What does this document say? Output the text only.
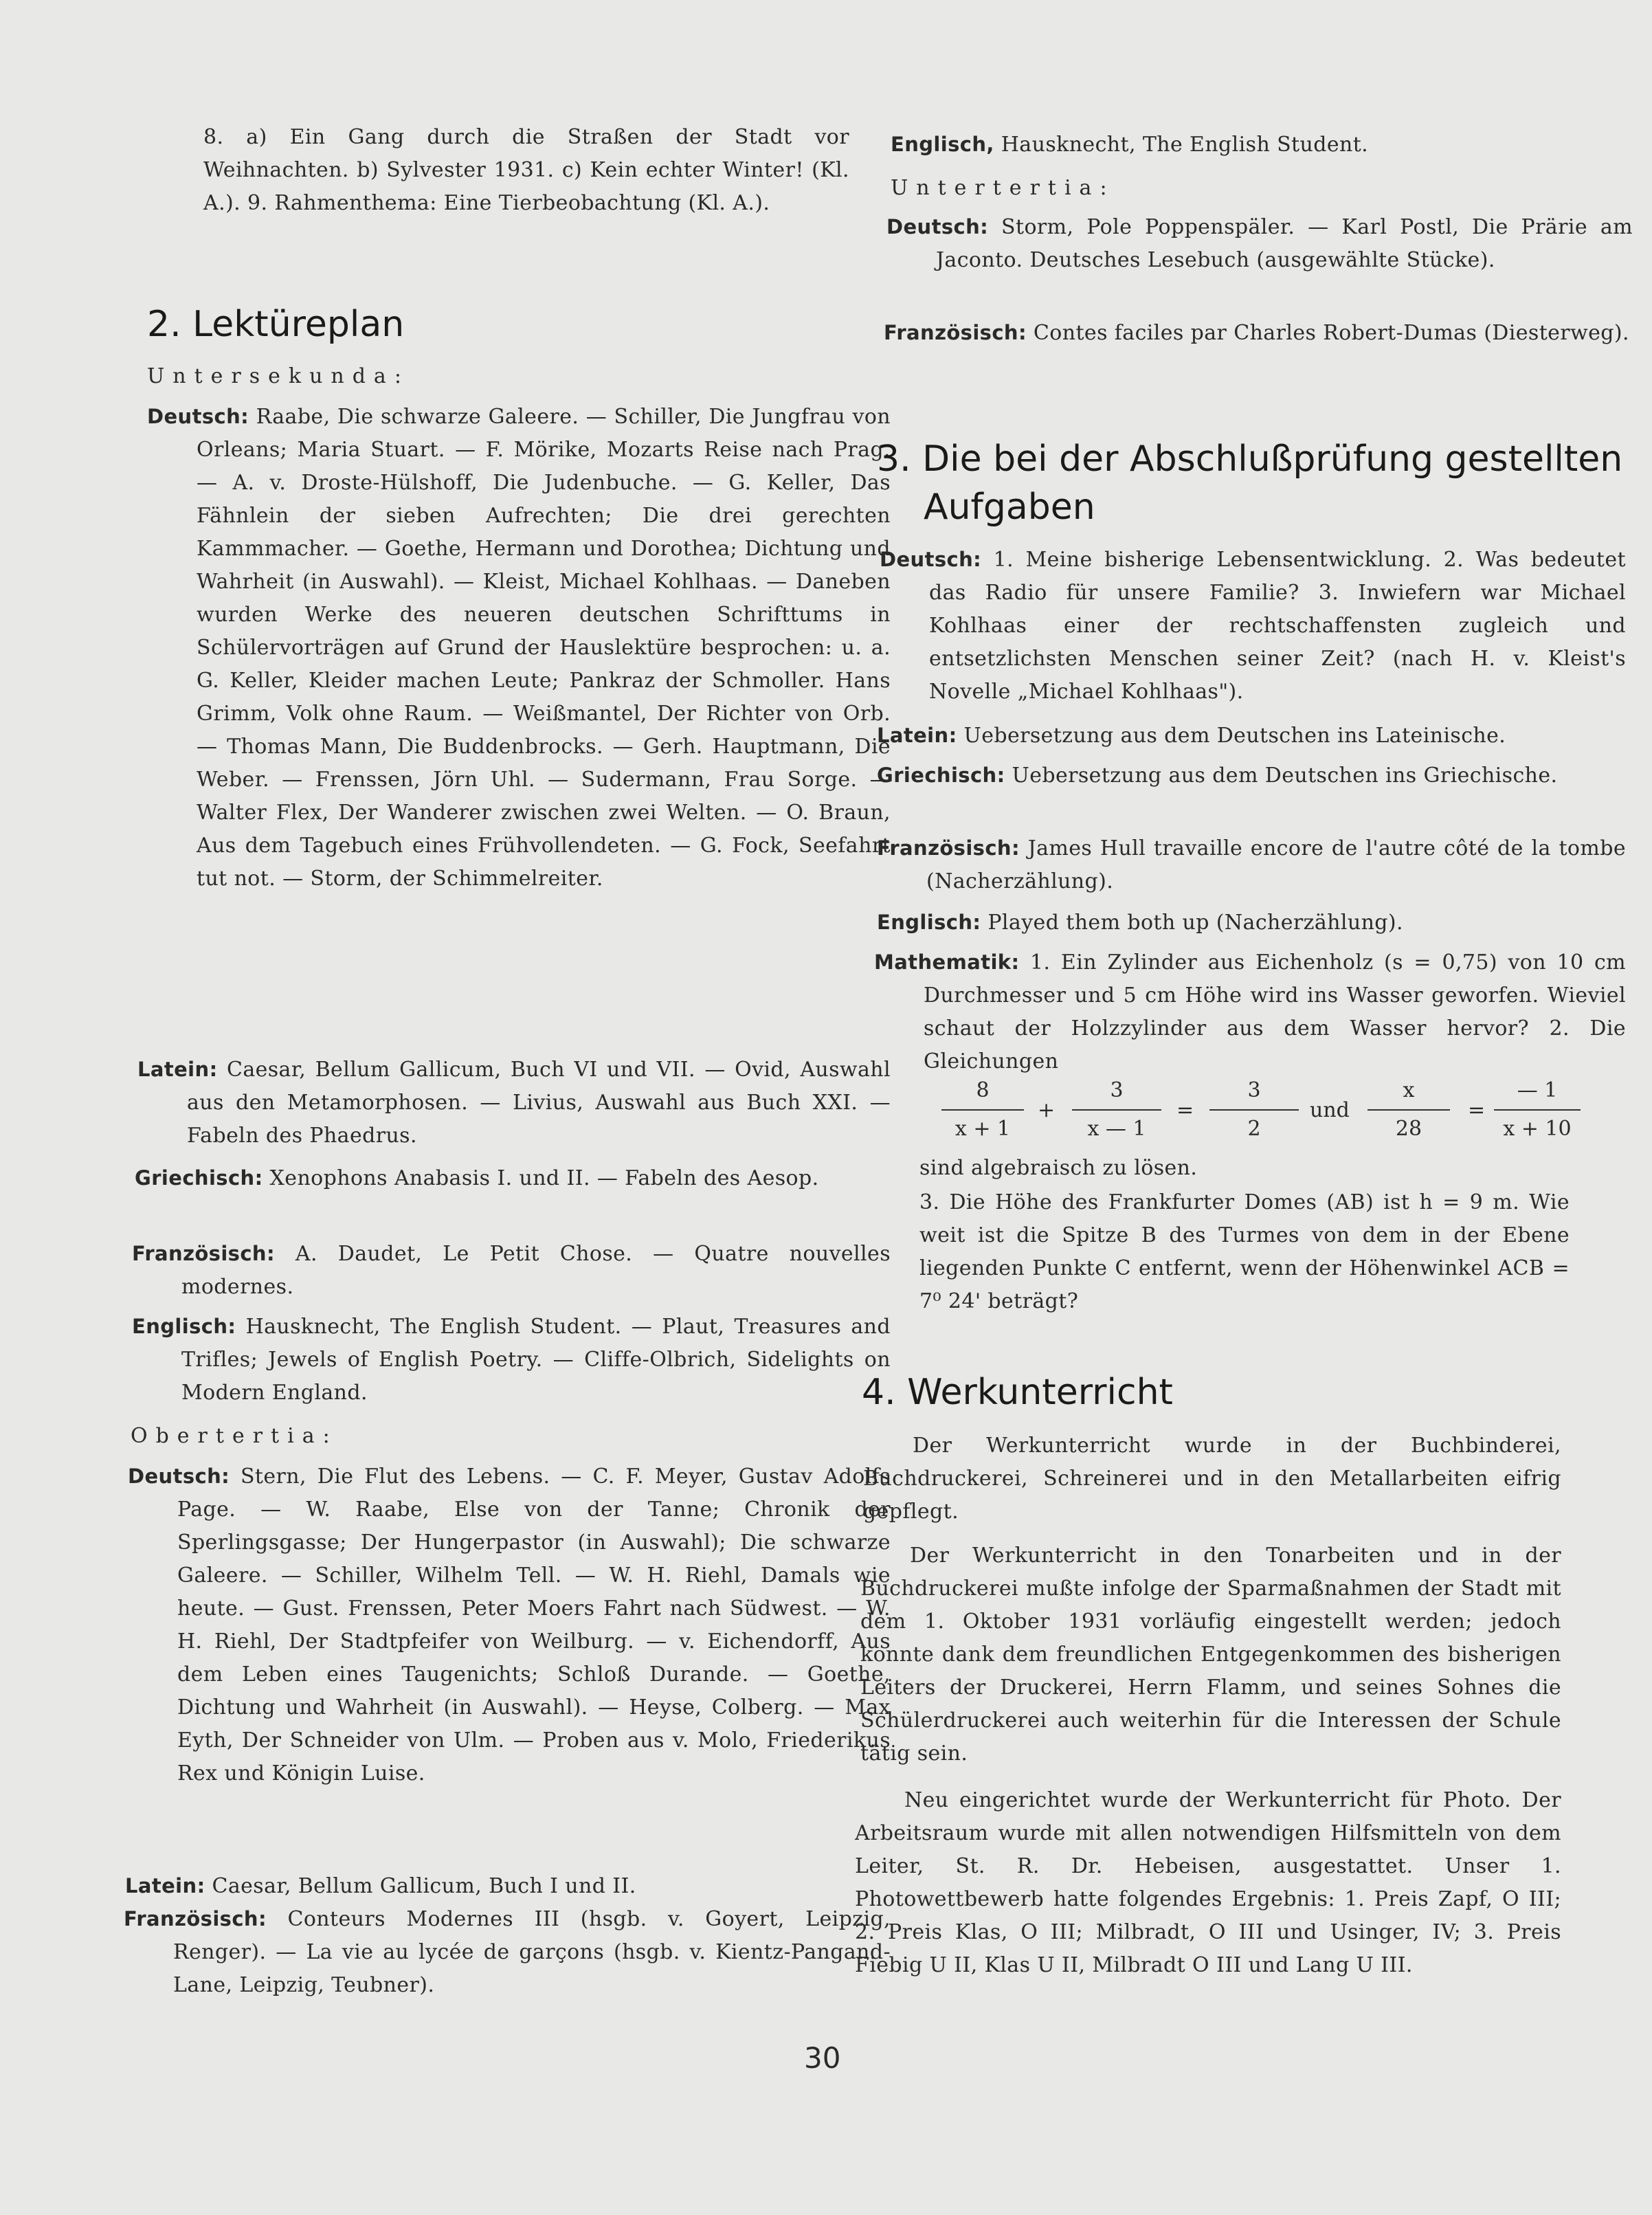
8. a) Ein Gang durch die Straßen der Stadt vor Weihnachten. b) Sylvester 1931. c) Kein echter Winter! (Kl. A.). 9. Rahmenthema: Eine Tierbeobachtung (Kl. A.).

2. Lektüreplan
Untersekunda:

Deutsch: Raabe, Die schwarze Galeere. — Schiller, Die Jungfrau von Orleans; Maria Stuart. — F. Mörike, Mozarts Reise nach Prag. — A. v. Droste-Hülshoff, Die Judenbuche. — G. Keller, Das Fähnlein der sieben Aufrechten; Die drei gerechten Kammmacher. — Goethe, Hermann und Dorothea; Dichtung und Wahrheit (in Auswahl). — Kleist, Michael Kohlhaas. — Daneben wurden Werke des neueren deutschen Schrifttums in Schülervorträgen auf Grund der Hauslektüre besprochen: u. a. G. Keller, Kleider machen Leute; Pankraz der Schmoller. Hans Grimm, Volk ohne Raum. — Weißmantel, Der Richter von Orb. — Thomas Mann, Die Buddenbrocks. — Gerh. Hauptmann, Die Weber. — Frenssen, Jörn Uhl. — Sudermann, Frau Sorge. — Walter Flex, Der Wanderer zwischen zwei Welten. — O. Braun, Aus dem Tagebuch eines Frühvollendeten. — G. Fock, Seefahrt tut not. — Storm, der Schimmelreiter.

Latein: Caesar, Bellum Gallicum, Buch VI und VII. — Ovid, Auswahl aus den Metamorphosen. — Livius, Auswahl aus Buch XXI. — Fabeln des Phaedrus.

Griechisch: Xenophons Anabasis I. und II. — Fabeln des Aesop.

Französisch: A. Daudet, Le Petit Chose. — Quatre nouvelles modernes.

Englisch: Hausknecht, The English Student. — Plaut, Treasures and Trifles; Jewels of English Poetry. — Cliffe-Olbrich, Sidelights on Modern England.

Obertertia:

Deutsch: Stern, Die Flut des Lebens. — C. F. Meyer, Gustav Adolfs Page. — W. Raabe, Else von der Tanne; Chronik der Sperlingsgasse; Der Hungerpastor (in Auswahl); Die schwarze Galeere. — Schiller, Wilhelm Tell. — W. H. Riehl, Damals wie heute. — Gust. Frenssen, Peter Moers Fahrt nach Südwest. — W. H. Riehl, Der Stadtpfeifer von Weilburg. — v. Eichendorff, Aus dem Leben eines Taugenichts; Schloß Durande. — Goethe, Dichtung und Wahrheit (in Auswahl). — Heyse, Colberg. — Max Eyth, Der Schneider von Ulm. — Proben aus v. Molo, Friederikus Rex und Königin Luise.

Latein: Caesar, Bellum Gallicum, Buch I und II.

Französisch: Conteurs Modernes III (hsgb. v. Goyert, Leipzig, Renger). — La vie au lycée de garçons (hsgb. v. Kientz-Pangand-Lane, Leipzig, Teubner).

Englisch, Hausknecht, The English Student.

Untertertia:

Deutsch: Storm, Pole Poppenspäler. — Karl Postl, Die Prärie am Jaconto. Deutsches Lesebuch (ausgewählte Stücke).

Französisch: Contes faciles par Charles Robert-Dumas (Diesterweg).

3. Die bei der Abschlußprüfung gestellten
Aufgaben

Deutsch: 1. Meine bisherige Lebensentwicklung. 2. Was bedeutet das Radio für unsere Familie? 3. Inwiefern war Michael Kohlhaas einer der rechtschaffensten zugleich und entsetzlichsten Menschen seiner Zeit? (nach H. v. Kleist's Novelle „Michael Kohlhaas").

Latein: Uebersetzung aus dem Deutschen ins Lateinische.

Griechisch: Uebersetzung aus dem Deutschen ins Griechische.

Französisch: James Hull travaille encore de l'autre côté de la tombe (Nacherzählung).

Englisch: Played them both up (Nacherzählung).

Mathematik: 1. Ein Zylinder aus Eichenholz (s = 0,75) von 10 cm Durchmesser und 5 cm Höhe wird ins Wasser geworfen. Wieviel schaut der Holzzylinder aus dem Wasser hervor? 2. Die Gleichungen

$\frac{8}{x + 1} + \frac{3}{x — 1} = \frac{3}{2}$ und $\frac{x}{28} = \frac{— 1}{x + 10}$

sind algebraisch zu lösen.

3. Die Höhe des Frankfurter Domes (AB) ist h = 9 m. Wie weit ist die Spitze B des Turmes von dem in der Ebene liegenden Punkte C entfernt, wenn der Höhenwinkel ACB = 7⁰ 24' beträgt?

4. Werkunterricht

Der Werkunterricht wurde in der Buchbinderei, Buchdruckerei, Schreinerei und in den Metallarbeiten eifrig gepflegt.

Der Werkunterricht in den Tonarbeiten und in der Buchdruckerei mußte infolge der Sparmaßnahmen der Stadt mit dem 1. Oktober 1931 vorläufig eingestellt werden; jedoch konnte dank dem freundlichen Entgegenkommen des bisherigen Leiters der Druckerei, Herrn Flamm, und seines Sohnes die Schülerdruckerei auch weiterhin für die Interessen der Schule tätig sein.

Neu eingerichtet wurde der Werkunterricht für Photo. Der Arbeitsraum wurde mit allen notwendigen Hilfsmitteln von dem Leiter, St. R. Dr. Hebeisen, ausgestattet. Unser 1. Photowettbewerb hatte folgendes Ergebnis: 1. Preis Zapf, O III; 2. Preis Klas, O III; Milbradt, O III und Usinger, IV; 3. Preis Fiebig U II, Klas U II, Milbradt O III und Lang U III.

30
